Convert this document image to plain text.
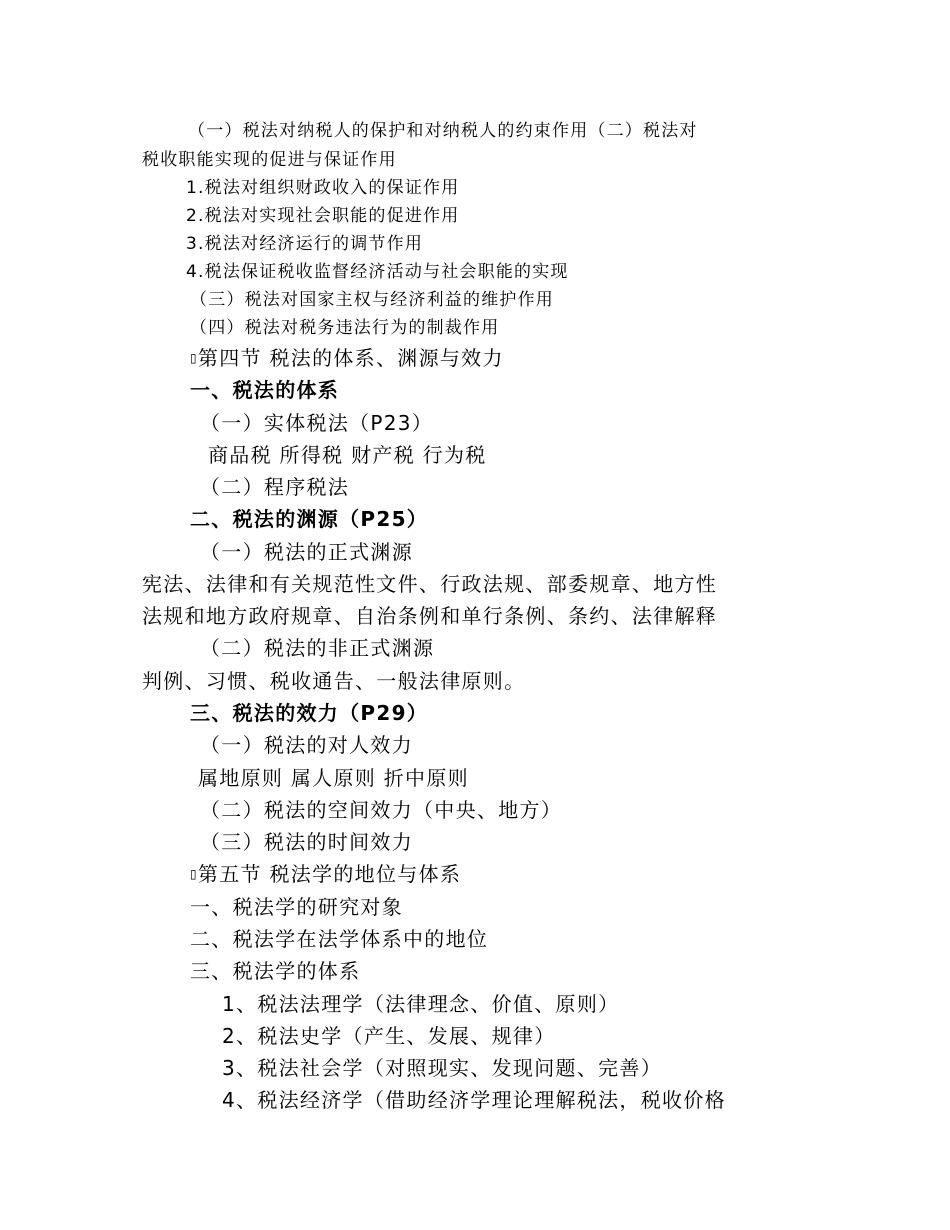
（一）税法对纳税人的保护和对纳税人的约束作用（二）税法对

税收职能实现的促进与保证作用

1.税法对组织财政收入的保证作用

2.税法对实现社会职能的促进作用

3.税法对经济运行的调节作用

4.税法保证税收监督经济活动与社会职能的实现

（三）税法对国家主权与经济利益的维护作用

（四）税法对税务违法行为的制裁作用

▯第四节 税法的体系、渊源与效力

一、税法的体系

（一）实体税法（P23）

商品税 所得税 财产税 行为税

（二）程序税法

二、税法的渊源（P25）

（一）税法的正式渊源

宪法、法律和有关规范性文件、行政法规、部委规章、地方性

法规和地方政府规章、自治条例和单行条例、条约、法律解释

（二）税法的非正式渊源

判例、习惯、税收通告、一般法律原则。

三、税法的效力（P29）

（一）税法的对人效力

属地原则 属人原则 折中原则

（二）税法的空间效力（中央、地方）

（三）税法的时间效力

▯第五节 税法学的地位与体系

一、税法学的研究对象

二、税法学在法学体系中的地位

三、税法学的体系

1、税法法理学（法律理念、价值、原则）

2、税法史学（产生、发展、规律）

3、税法社会学（对照现实、发现问题、完善）

4、税法经济学（借助经济学理论理解税法，税收价格
